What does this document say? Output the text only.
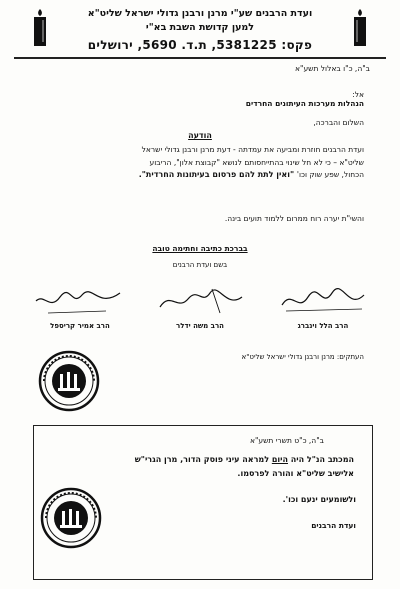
ועדת הרבנים שע"י מרנן ורבנן גדולי ישראל שליט"א
למען קדושת השבת בא"י
פקס: 5381225, ת.ד. 5690, ירושלים
ב"ה, כ"ו באלול תשע"א
אל:
הנהלות מערכות העיתונים החרדים
השלום והברכה,
הודעה
ועדת הרבנים חוזרת ומביעה את עמדתה - דעת מרנן ורבנן גדולי ישראל
שליט"א – כי לא חל שינוי בהתייחסותם לנושא "קבוצת אלון", הריבוע
הכחול, שפע שוק וכו' "ואין לתת להם פרסום בעיתונות החרדית".
והשי"ת יערה רוח ממרום ללמוד תועים בינה.
בברכת כתיבה וחתימה טובה
בשם ועדת הרבנים
הרב הלל וינברג
הרב משה ידלר
הרב אמיר קריספל
העתקים: מרנן ורבנן גדולי ישראל שליט"א
ב"ה, כ"ט תשרי תשע"א
המכתב הנ"ל היה היום למראה עיני פוסק הדור, מרן הגרי"ש
אלישיב שליט"א והורה לפרסמו.
ולשומעים ינעם וכו'.
ועדת הרבנים
